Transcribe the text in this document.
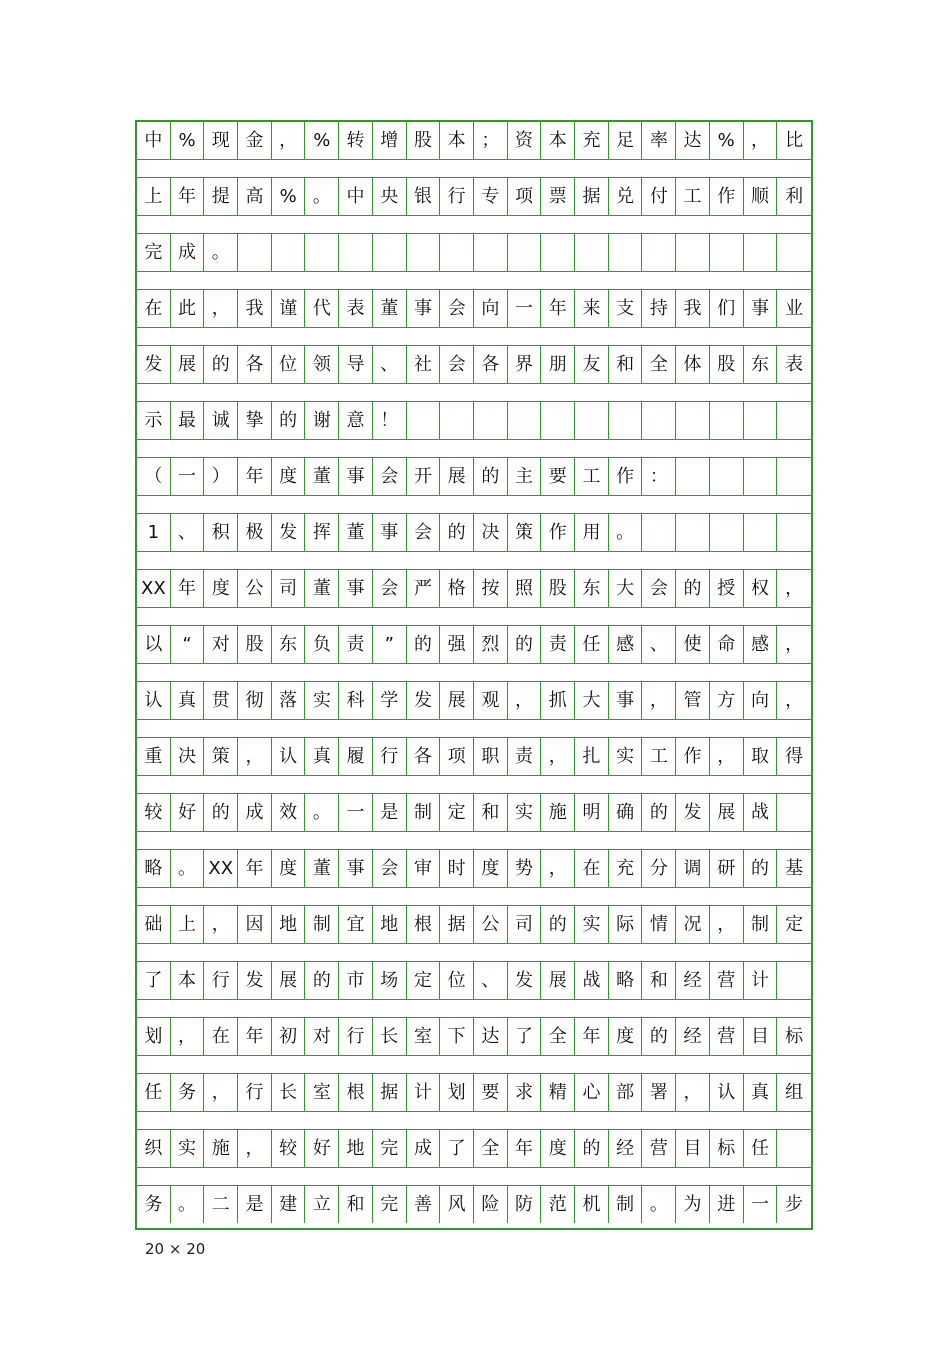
中 % 现 金 ， % 转 增 股 本 ； 资 本 充 足 率 达 % ， 比
上 年 提 高 % 。 中 央 银 行 专 项 票 据 兑 付 工 作 顺 利
完 成 。
在 此 ， 我 谨 代 表 董 事 会 向 一 年 来 支 持 我 们 事 业
发 展 的 各 位 领 导 、 社 会 各 界 朋 友 和 全 体 股 东 表
示 最 诚 挚 的 谢 意 ！
（ 一 ） 年 度 董 事 会 开 展 的 主 要 工 作 ：
1	、 积 极 发 挥 董 事 会 的 决 策 作 用 。
XX 年 度 公 司 董 事 会 严 格 按 照 股 东 大 会 的 授 权 ，
以	“	对 股 东 负 责	”	的 强 烈 的 责 任 感 、 使 命 感 ，
认 真 贯 彻 落 实 科 学 发 展 观 ， 抓 大 事 ， 管 方 向 ，
重 决 策 ， 认 真 履 行 各 项 职 责 ， 扎 实 工 作 ， 取 得
较 好 的 成 效 。 一 是 制 定 和 实 施 明 确 的 发 展 战
略 。 XX 年 度 董 事 会 审 时 度 势 ， 在 充 分 调 研 的 基
础 上 ， 因 地 制 宜 地 根 据 公 司 的 实 际 情 况 ， 制 定
了 本 行 发 展 的 市 场 定 位 、 发 展 战 略 和 经 营 计
划 ， 在 年 初 对 行 长 室 下 达 了 全 年 度 的 经 营 目 标
任 务 ， 行 长 室 根 据 计 划 要 求 精 心 部 署 ， 认 真 组
织 实 施 ， 较 好 地 完 成 了 全 年 度 的 经 营 目 标 任
务 。 二 是 建 立 和 完 善 风 险 防 范 机 制 。 为 进 一 步
20 × 20
